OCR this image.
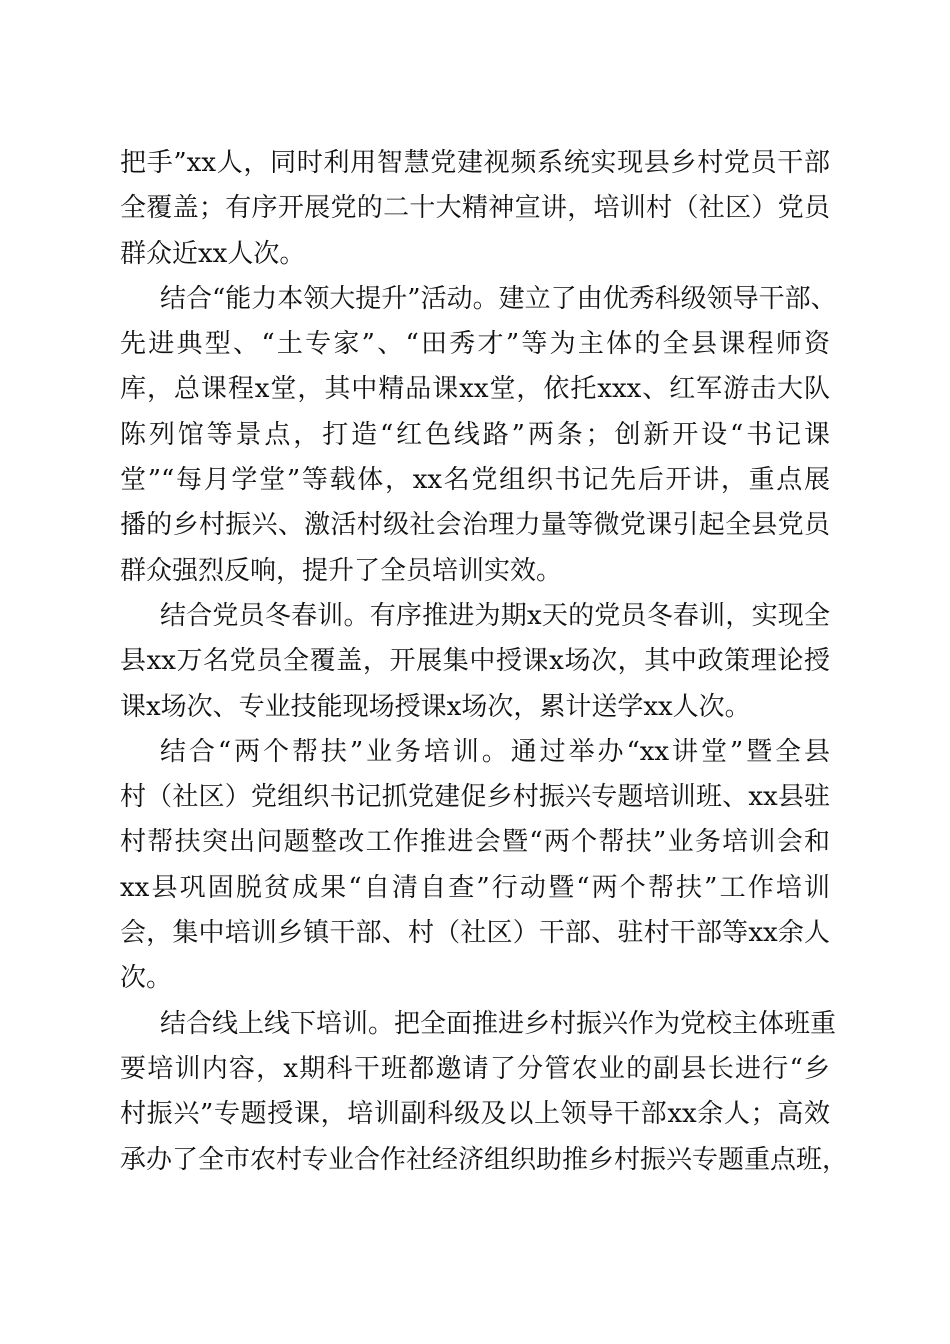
把手”xx人，同时利用智慧党建视频系统实现县乡村党员干部
全覆盖；有序开展党的二十大精神宣讲，培训村（社区）党员
群众近xx人次。
结合“能力本领大提升”活动。建立了由优秀科级领导干部、
先进典型、“土专家”、“田秀才”等为主体的全县课程师资
库，总课程x堂，其中精品课xx堂，依托xxx、红军游击大队
陈列馆等景点，打造“红色线路”两条；创新开设“书记课
堂”“每月学堂”等载体，xx名党组织书记先后开讲，重点展
播的乡村振兴、激活村级社会治理力量等微党课引起全县党员
群众强烈反响，提升了全员培训实效。
结合党员冬春训。有序推进为期x天的党员冬春训，实现全
县xx万名党员全覆盖，开展集中授课x场次，其中政策理论授
课x场次、专业技能现场授课x场次，累计送学xx人次。
结合“两个帮扶”业务培训。通过举办“xx讲堂”暨全县
村（社区）党组织书记抓党建促乡村振兴专题培训班、xx县驻
村帮扶突出问题整改工作推进会暨“两个帮扶”业务培训会和
xx县巩固脱贫成果“自清自查”行动暨“两个帮扶”工作培训
会，集中培训乡镇干部、村（社区）干部、驻村干部等xx余人
次。
结合线上线下培训。把全面推进乡村振兴作为党校主体班重
要培训内容，x期科干班都邀请了分管农业的副县长进行“乡
村振兴”专题授课，培训副科级及以上领导干部xx余人；高效
承办了全市农村专业合作社经济组织助推乡村振兴专题重点班，
